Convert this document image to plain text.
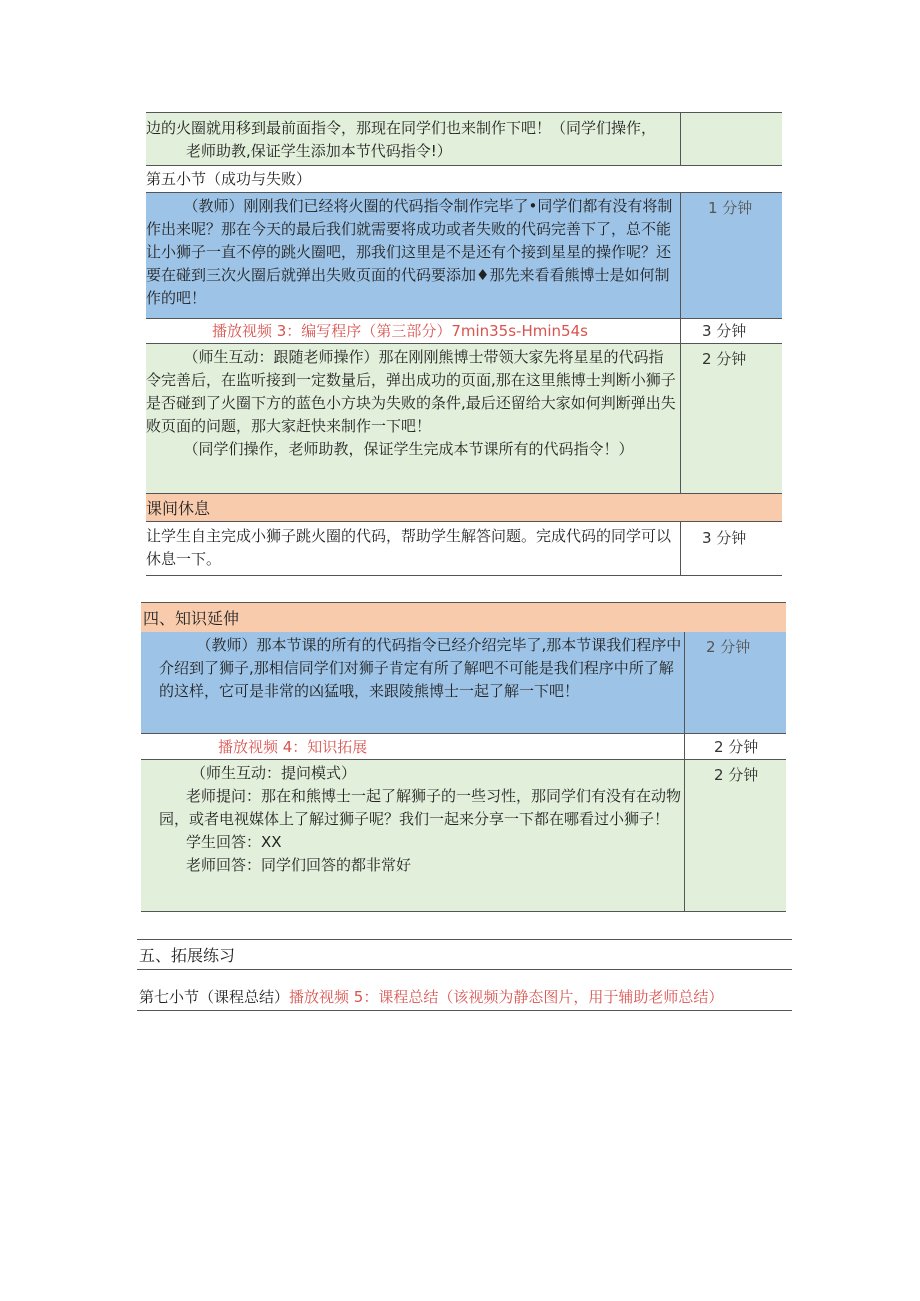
边的火圈就用移到最前面指令，那现在同学们也来制作下吧！（同学们操作，

老师助教,保证学生添加本节代码指令!）

第五小节（成功与失败）
（教师）刚刚我们已经将火圈的代码指令制作完毕了•同学们都有没有将制作出来呢？那在今天的最后我们就需要将成功或者失败的代码完善下了，总不能让小狮子一直不停的跳火圈吧，那我们这里是不是还有个接到星星的操作呢？还要在碰到三次火圈后就弹出失败页面的代码要添加♦那先来看看熊博士是如何制作的吧！
1 分钟
播放视频 3：编写程序（第三部分）7min35s-Hmin54s	3 分钟

（师生互动：跟随老师操作）那在刚刚熊博士带领大家先将星星的代码指令完善后，在监听接到一定数量后，弹出成功的页面,那在这里熊博士判断小狮子是否碰到了火圈下方的蓝色小方块为失败的条件,最后还留给大家如何判断弹出失败页面的问题，那大家赶快来制作一下吧！

（同学们操作，老师助教，保证学生完成本节课所有的代码指令！）

2 分钟
课间休息
让学生自主完成小狮子跳火圈的代码，帮助学生解答问题。完成代码的同学可以休息一下。
3 分钟
四、知识延伸
（教师）那本节课的所有的代码指令已经介绍完毕了,那本节课我们程序中介绍到了狮子,那相信同学们对狮子肯定有所了解吧不可能是我们程序中所了解的这样，它可是非常的凶猛哦，来跟陵熊博士一起了解一下吧！
2 分钟
播放视频 4：知识拓展	2 分钟

（师生互动：提问模式）

老师提问：那在和熊博士一起了解狮子的一些习性，那同学们有没有在动物园，或者电视媒体上了解过狮子呢？我们一起来分享一下都在哪看过小狮子！

学生回答：XX

老师回答：同学们回答的都非常好

2 分钟
五、拓展练习
第七小节（课程总结）播放视频 5：课程总结（该视频为静态图片，用于辅助老师总结）
